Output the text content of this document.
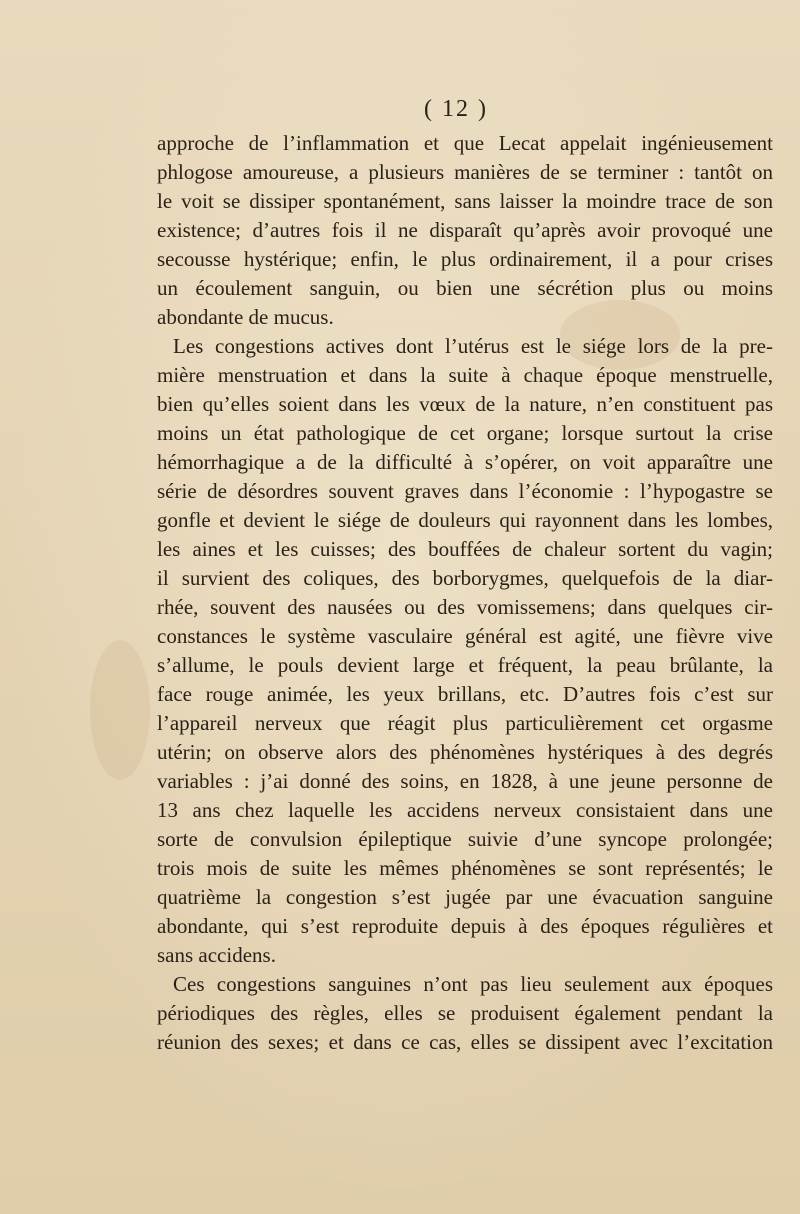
( 12 )
approche de l’inflammation et que Lecat appelait ingénieusement
phlogose amoureuse, a plusieurs manières de se terminer : tantôt on
le voit se dissiper spontanément, sans laisser la moindre trace de son
existence; d’autres fois il ne disparaît qu’après avoir provoqué une
secousse hystérique; enfin, le plus ordinairement, il a pour crises
un écoulement sanguin, ou bien une sécrétion plus ou moins
abondante de mucus.
Les congestions actives dont l’utérus est le siége lors de la pre-
mière menstruation et dans la suite à chaque époque menstruelle,
bien qu’elles soient dans les vœux de la nature, n’en constituent pas
moins un état pathologique de cet organe; lorsque surtout la crise
hémorrhagique a de la difficulté à s’opérer, on voit apparaître une
série de désordres souvent graves dans l’économie : l’hypogastre se
gonfle et devient le siége de douleurs qui rayonnent dans les lombes,
les aines et les cuisses; des bouffées de chaleur sortent du vagin;
il survient des coliques, des borborygmes, quelquefois de la diar-
rhée, souvent des nausées ou des vomissemens; dans quelques cir-
constances le système vasculaire général est agité, une fièvre vive
s’allume, le pouls devient large et fréquent, la peau brûlante, la
face rouge animée, les yeux brillans, etc. D’autres fois c’est sur
l’appareil nerveux que réagit plus particulièrement cet orgasme
utérin; on observe alors des phénomènes hystériques à des degrés
variables : j’ai donné des soins, en 1828, à une jeune personne de
13 ans chez laquelle les accidens nerveux consistaient dans une
sorte de convulsion épileptique suivie d’une syncope prolongée;
trois mois de suite les mêmes phénomènes se sont représentés; le
quatrième la congestion s’est jugée par une évacuation sanguine
abondante, qui s’est reproduite depuis à des époques régulières et
sans accidens.
Ces congestions sanguines n’ont pas lieu seulement aux époques
périodiques des règles, elles se produisent également pendant la
réunion des sexes; et dans ce cas, elles se dissipent avec l’excitation
